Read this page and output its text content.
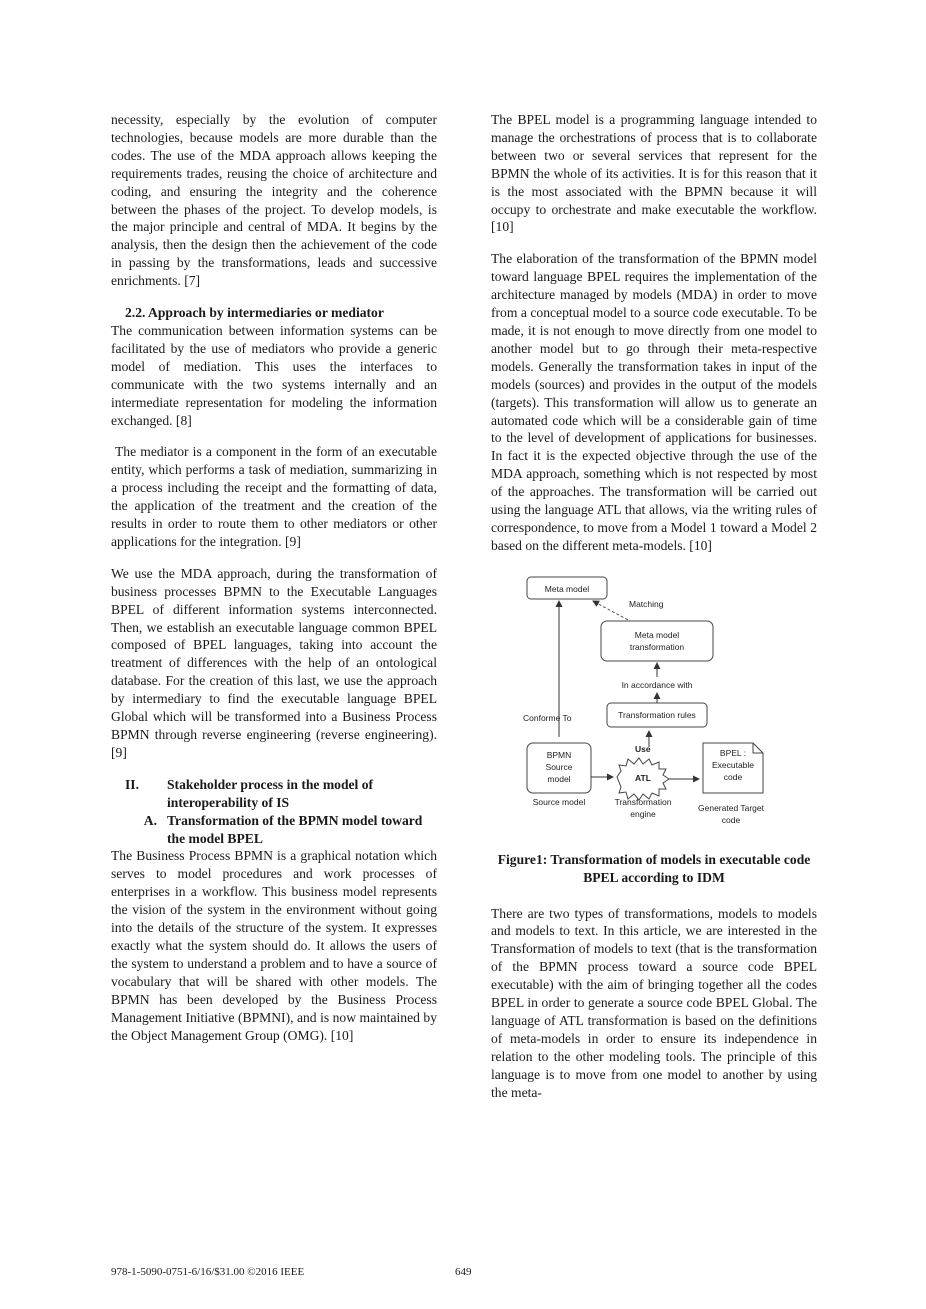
necessity, especially by the evolution of computer technologies, because models are more durable than the codes. The use of the MDA approach allows keeping the requirements trades, reusing the choice of architecture and coding, and ensuring the integrity and the coherence between the phases of the project. To develop models, is the major principle and central of MDA. It begins by the analysis, then the design then the achievement of the code in passing by the transformations, leads and successive enrichments. [7]

2.2. Approach by intermediaries or mediator

The communication between information systems can be facilitated by the use of mediators who provide a generic model of mediation. This uses the interfaces to communicate with the two systems internally and an intermediate representation for modeling the information exchanged. [8]

The mediator is a component in the form of an executable entity, which performs a task of mediation, summarizing in a process including the receipt and the formatting of data, the application of the treatment and the creation of the results in order to route them to other mediators or other applications for the integration. [9]

We use the MDA approach, during the transformation of business processes BPMN to the Executable Languages BPEL of different information systems interconnected. Then, we establish an executable language common BPEL composed of BPEL languages, taking into account the treatment of differences with the help of an ontological database. For the creation of this last, we use the approach by intermediary to find the executable language BPEL Global which will be transformed into a Business Process BPMN through reverse engineering (reverse engineering). [9]

II.	Stakeholder process in the model of interoperability of IS
A. Transformation of the BPMN model toward the model BPEL

The Business Process BPMN is a graphical notation which serves to model procedures and work processes of enterprises in a workflow. This business model represents the vision of the system in the environment without going into the details of the structure of the system. It expresses exactly what the system should do. It allows the users of the system to understand a problem and to have a source of vocabulary that will be shared with other models. The BPMN has been developed by the Business Process Management Initiative (BPMNI), and is now maintained by the Object Management Group (OMG). [10]

The BPEL model is a programming language intended to manage the orchestrations of process that is to collaborate between two or several services that represent for the BPMN the whole of its activities. It is for this reason that it is the most associated with the BPMN because it will occupy to orchestrate and make executable the workflow. [10]

The elaboration of the transformation of the BPMN model toward language BPEL requires the implementation of the architecture managed by models (MDA) in order to move from a conceptual model to a source code executable. To be made, it is not enough to move directly from one model to another model but to go through their meta-respective models. Generally the transformation takes in input of the models (sources) and provides in the output of the models (targets). This transformation will allow us to generate an automated code which will be a considerable gain of time to the level of development of applications for businesses. In fact it is the expected objective through the use of the MDA approach, something which is not respected by most of the approaches. The transformation will be carried out using the language ATL that allows, via the writing rules of correspondence, to move from a Model 1 toward a Model 2 based on the different meta-models. [10]

Meta model
Matching
Meta model
transformation
In accordance with
Transformation rules
Conforme To
Use
BPMN
Source
model	ATL
BPEL :
Executable
code
Source model	Transformation
engine
Generated Target
code
Figure1: Transformation of models in executable code BPEL according to IDM

There are two types of transformations, models to models and models to text. In this article, we are interested in the Transformation of models to text (that is the transformation of the BPMN process toward a source code BPEL executable) with the aim of bringing together all the codes BPEL in order to generate a source code BPEL Global. The language of ATL transformation is based on the definitions of meta-models in order to ensure its independence in relation to the other modeling tools. The principle of this language is to move from one model to another by using the meta-

978-1-5090-0751-6/16/$31.00 ©2016 IEEE	649
